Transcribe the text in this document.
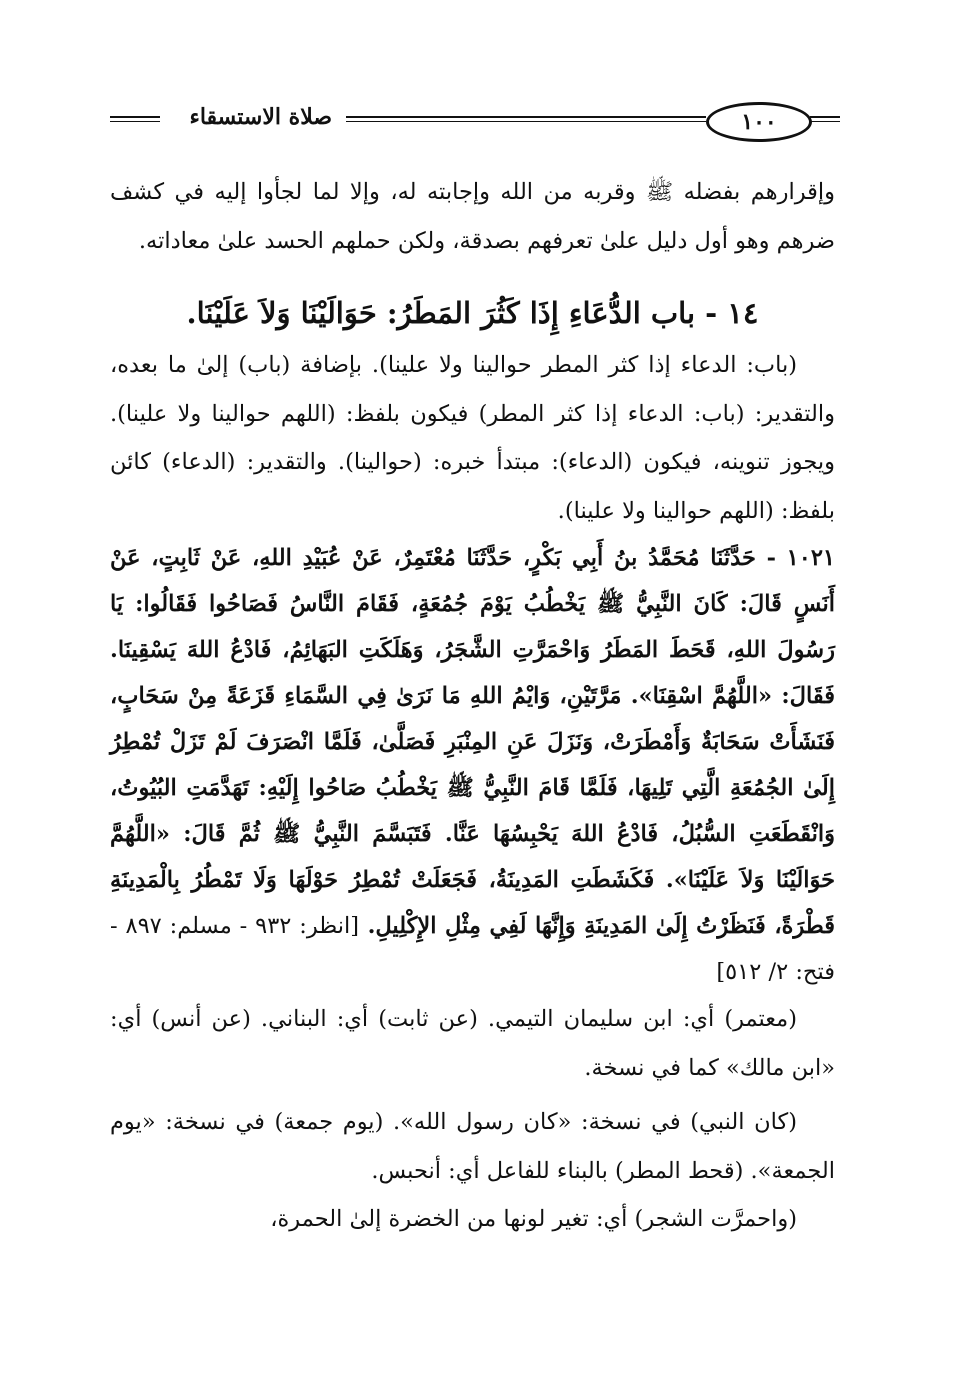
صلاة الاستسقاء	١٠٠

وإقرارهم بفضله ﷺ وقربه من الله وإجابته له، وإلا لما لجأوا إليه في كشف ضرهم وهو أول دليل علىٰ تعرفهم بصدقة، ولكن حملهم الحسد علىٰ معاداته.

١٤ - باب الدُّعَاءِ إِذَا كَثُرَ المَطَرُ: حَوَالَيْنَا وَلاَ عَلَيْنَا.

(باب: الدعاء إذا كثر المطر حوالينا ولا علينا). بإضافة (باب) إلىٰ ما بعده، والتقدير: (باب: الدعاء إذا كثر المطر) فيكون بلفظ: (اللهم حوالينا ولا علينا). ويجوز تنوينه، فيكون (الدعاء): مبتدأ خبره: (حوالينا). والتقدير: (الدعاء) كائن بلفظ: (اللهم حوالينا ولا علينا).

١٠٢١ - حَدَّثَنَا مُحَمَّدُ بنُ أَبِي بَكْرٍ، حَدَّثَنَا مُعْتَمِرٌ، عَنْ عُبَيْدِ اللهِ، عَنْ ثَابِتٍ، عَنْ أَنَسٍ قَالَ: كَانَ النَّبِيُّ ﷺ يَخْطُبُ يَوْمَ جُمُعَةٍ، فَقَامَ النَّاسُ فَصَاحُوا فَقَالُوا: يَا رَسُولَ اللهِ، قَحَطَ المَطَرُ وَاحْمَرَّتِ الشَّجَرُ، وَهَلَكَتِ البَهَائِمُ، فَادْعُ اللهَ يَسْقِينَا. فَقَالَ: «اللَّهُمَّ اسْقِنَا». مَرَّتَيْنِ، وَايْمُ اللهِ مَا نَرَىٰ فِي السَّمَاءِ قَزَعَةً مِنْ سَحَابٍ، فَنَشَأَتْ سَحَابَةٌ وَأَمْطَرَتْ، وَنَزَلَ عَنِ المِنْبَرِ فَصَلَّىٰ، فَلَمَّا انْصَرَفَ لَمْ تَزَلْ تُمْطِرُ إِلَىٰ الجُمُعَةِ الَّتِي تَلِيهَا، فَلَمَّا قَامَ النَّبِيُّ ﷺ يَخْطُبُ صَاحُوا إِلَيْهِ: تَهَدَّمَتِ البُيُوتُ، وَانْقَطَعَتِ السُّبُلُ، فَادْعُ اللهَ يَحْبِسُهَا عَنَّا. فَتَبَسَّمَ النَّبِيُّ ﷺ ثُمَّ قَالَ: «اللَّهُمَّ حَوَالَيْنَا وَلاَ عَلَيْنَا». فَكَشَطَتِ المَدِينَةُ، فَجَعَلَتْ تُمْطِرُ حَوْلَهَا وَلَا تَمْطُرُ بِالْمَدِينَةِ قَطْرَةً، فَنَظَرْتُ إِلَىٰ المَدِينَةِ وَإِنَّهَا لَفِي مِثْلِ الإِكْلِيلِ. [انظر: ٩٣٢ - مسلم: ٨٩٧ - فتح: ٢/ ٥١٢]

(معتمر) أي: ابن سليمان التيمي. (عن ثابت) أي: البناني. (عن أنس) أي: «ابن مالك» كما في نسخة.

(كان النبي) في نسخة: «كان رسول الله». (يوم جمعة) في نسخة: «يوم الجمعة». (قحط المطر) بالبناء للفاعل أي: أنحبس.

(واحمرَّت الشجر) أي: تغير لونها من الخضرة إلىٰ الحمرة،
